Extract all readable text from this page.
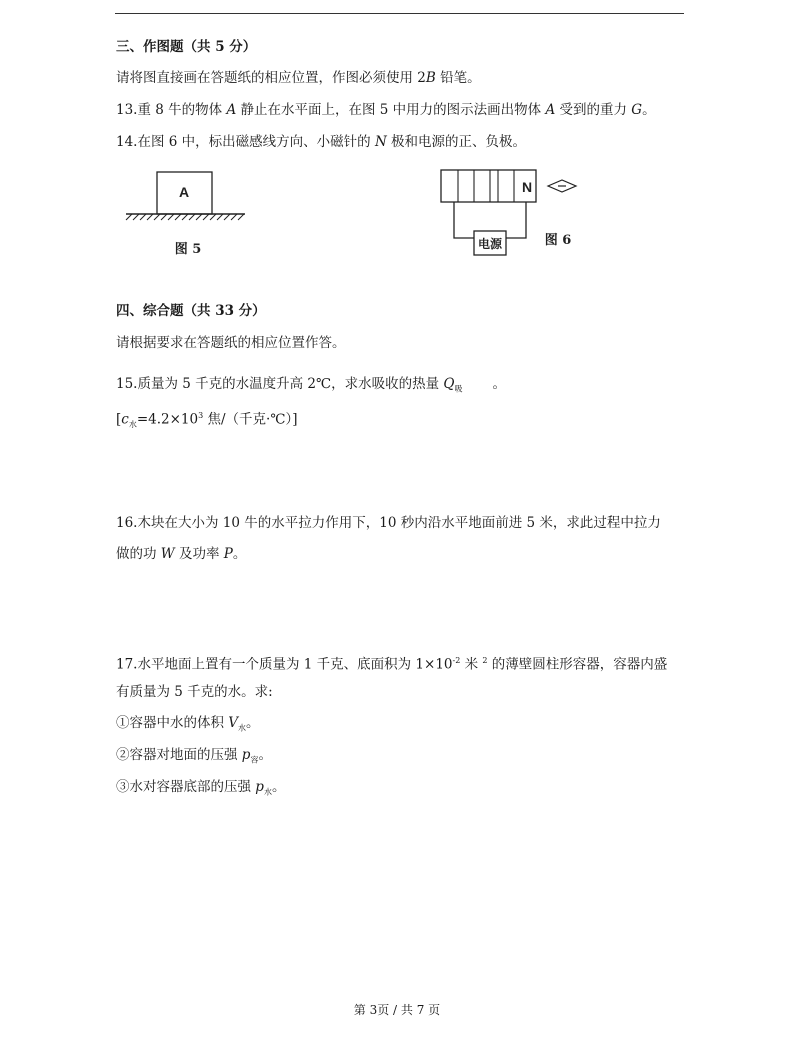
三、作图题（共 5 分）
请将图直接画在答题纸的相应位置，作图必须使用 2B 铅笔。
13.重 8 牛的物体 A 静止在水平面上，在图 5 中用力的图示法画出物体 A 受到的重力 G。
14.在图 6 中，标出磁感线方向、小磁针的 N 极和电源的正、负极。
A
图 5
N
电源	图 6
四、综合题（共 33 分）
请根据要求在答题纸的相应位置作答。
15.质量为 5 千克的水温度升高 2℃，求水吸收的热量 $Q_吸$ 。
[$c_水=4.2\times 10^3$ 焦/（千克·℃）]
16.木块在大小为 10 牛的水平拉力作用下，10 秒内沿水平地面前进 5 米，求此过程中拉力
做的功 W 及功率 P。
17.水平地面上置有一个质量为 1 千克、底面积为 $1\times 10^{-2}$ 米 $^2$ 的薄壁圆柱形容器，容器内盛
有质量为 5 千克的水。求:
①容器中水的体积 $V_水$。
②容器对地面的压强 $p_容$。
③水对容器底部的压强 $p_水$。
第 3页 / 共 7 页
